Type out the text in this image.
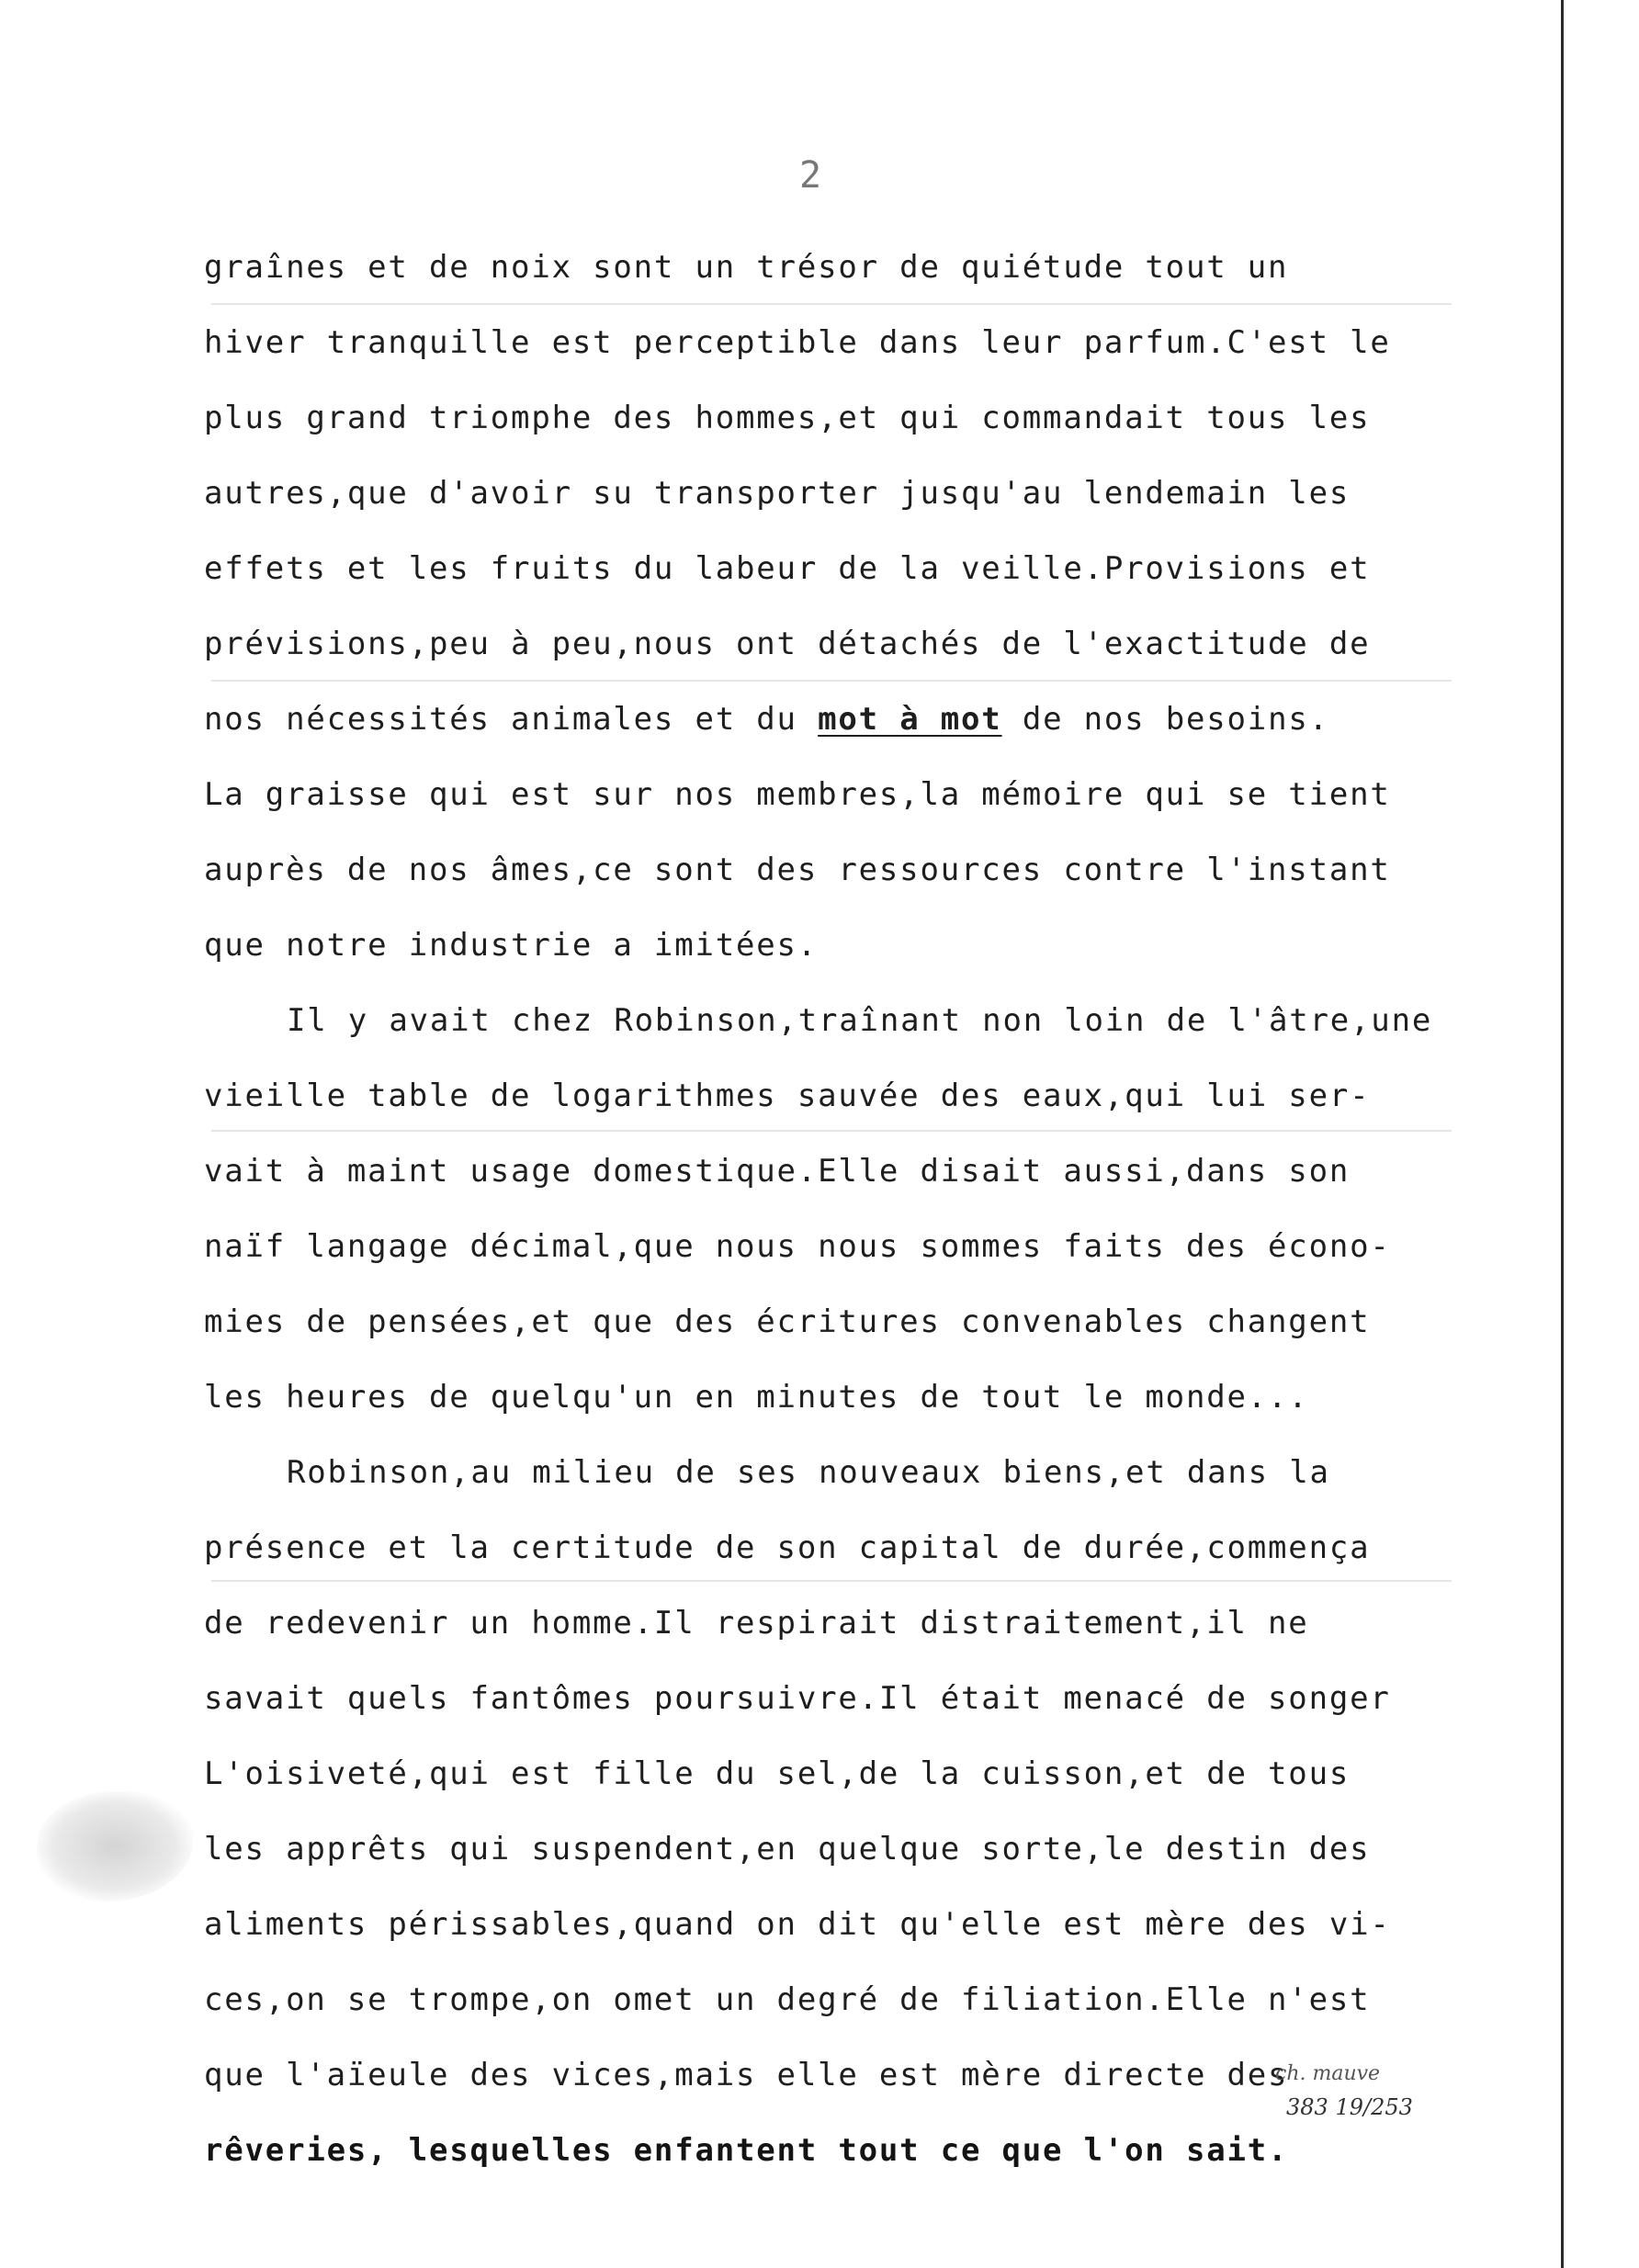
2
graînes et de noix sont un trésor de quiétude tout un
hiver tranquille est perceptible dans leur parfum.C'est le
plus grand triomphe des hommes,et qui commandait tous les
autres,que d'avoir su transporter jusqu'au lendemain les
effets et les fruits du labeur de la veille.Provisions et
prévisions,peu à peu,nous ont détachés de l'exactitude de
nos nécessités animales et du mot à mot de nos besoins.
La graisse qui est sur nos membres,la mémoire qui se tient
auprès de nos âmes,ce sont des ressources contre l'instant
que notre industrie a imitées.
Il y avait chez Robinson,traînant non loin de l'âtre,une
vieille table de logarithmes sauvée des eaux,qui lui ser-
vait à maint usage domestique.Elle disait aussi,dans son
naïf langage décimal,que nous nous sommes faits des écono-
mies de pensées,et que des écritures convenables changent
les heures de quelqu'un en minutes de tout le monde...
Robinson,au milieu de ses nouveaux biens,et dans la
présence et la certitude de son capital de durée,commença
de redevenir un homme.Il respirait distraitement,il ne
savait quels fantômes poursuivre.Il était menacé de songer
L'oisiveté,qui est fille du sel,de la cuisson,et de tous
les apprêts qui suspendent,en quelque sorte,le destin des
aliments périssables,quand on dit qu'elle est mère des vi-
ces,on se trompe,on omet un degré de filiation.Elle n'est
que l'aïeule des vices,mais elle est mère directe des
rêveries, lesquelles enfantent tout ce que l'on sait.
ch. mauve
383 19/253
